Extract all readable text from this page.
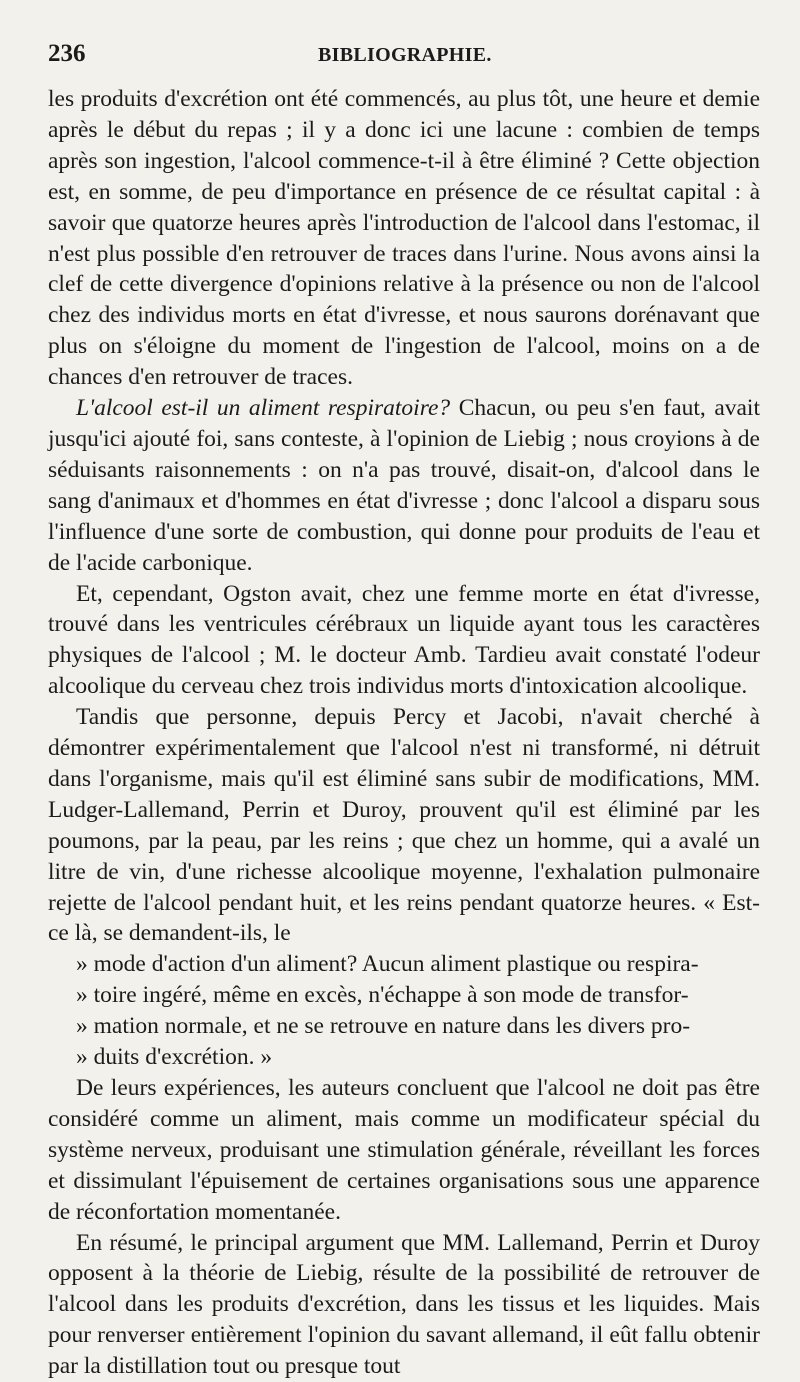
236	BIBLIOGRAPHIE.

les produits d'excrétion ont été commencés, au plus tôt, une heure et demie après le début du repas ; il y a donc ici une lacune : combien de temps après son ingestion, l'alcool commence-t-il à être éliminé ? Cette objection est, en somme, de peu d'importance en présence de ce résultat capital : à savoir que quatorze heures après l'introduction de l'alcool dans l'estomac, il n'est plus possible d'en retrouver de traces dans l'urine. Nous avons ainsi la clef de cette divergence d'opinions relative à la présence ou non de l'alcool chez des individus morts en état d'ivresse, et nous saurons dorénavant que plus on s'éloigne du moment de l'ingestion de l'alcool, moins on a de chances d'en retrouver de traces.

L'alcool est-il un aliment respiratoire? Chacun, ou peu s'en faut, avait jusqu'ici ajouté foi, sans conteste, à l'opinion de Liebig ; nous croyions à de séduisants raisonnements : on n'a pas trouvé, disait-on, d'alcool dans le sang d'animaux et d'hommes en état d'ivresse ; donc l'alcool a disparu sous l'influence d'une sorte de combustion, qui donne pour produits de l'eau et de l'acide carbonique.

Et, cependant, Ogston avait, chez une femme morte en état d'ivresse, trouvé dans les ventricules cérébraux un liquide ayant tous les caractères physiques de l'alcool ; M. le docteur Amb. Tardieu avait constaté l'odeur alcoolique du cerveau chez trois individus morts d'intoxication alcoolique.

Tandis que personne, depuis Percy et Jacobi, n'avait cherché à démontrer expérimentalement que l'alcool n'est ni transformé, ni détruit dans l'organisme, mais qu'il est éliminé sans subir de modifications, MM. Ludger-Lallemand, Perrin et Duroy, prouvent qu'il est éliminé par les poumons, par la peau, par les reins ; que chez un homme, qui a avalé un litre de vin, d'une richesse alcoolique moyenne, l'exhalation pulmonaire rejette de l'alcool pendant huit, et les reins pendant quatorze heures. « Est-ce là, se demandent-ils, le
» mode d'action d'un aliment? Aucun aliment plastique ou respira-
» toire ingéré, même en excès, n'échappe à son mode de transfor-
» mation normale, et ne se retrouve en nature dans les divers pro-
» duits d'excrétion. »

De leurs expériences, les auteurs concluent que l'alcool ne doit pas être considéré comme un aliment, mais comme un modificateur spécial du système nerveux, produisant une stimulation générale, réveillant les forces et dissimulant l'épuisement de certaines organisations sous une apparence de réconfortation momentanée.

En résumé, le principal argument que MM. Lallemand, Perrin et Duroy opposent à la théorie de Liebig, résulte de la possibilité de retrouver de l'alcool dans les produits d'excrétion, dans les tissus et les liquides. Mais pour renverser entièrement l'opinion du savant allemand, il eût fallu obtenir par la distillation tout ou presque tout
